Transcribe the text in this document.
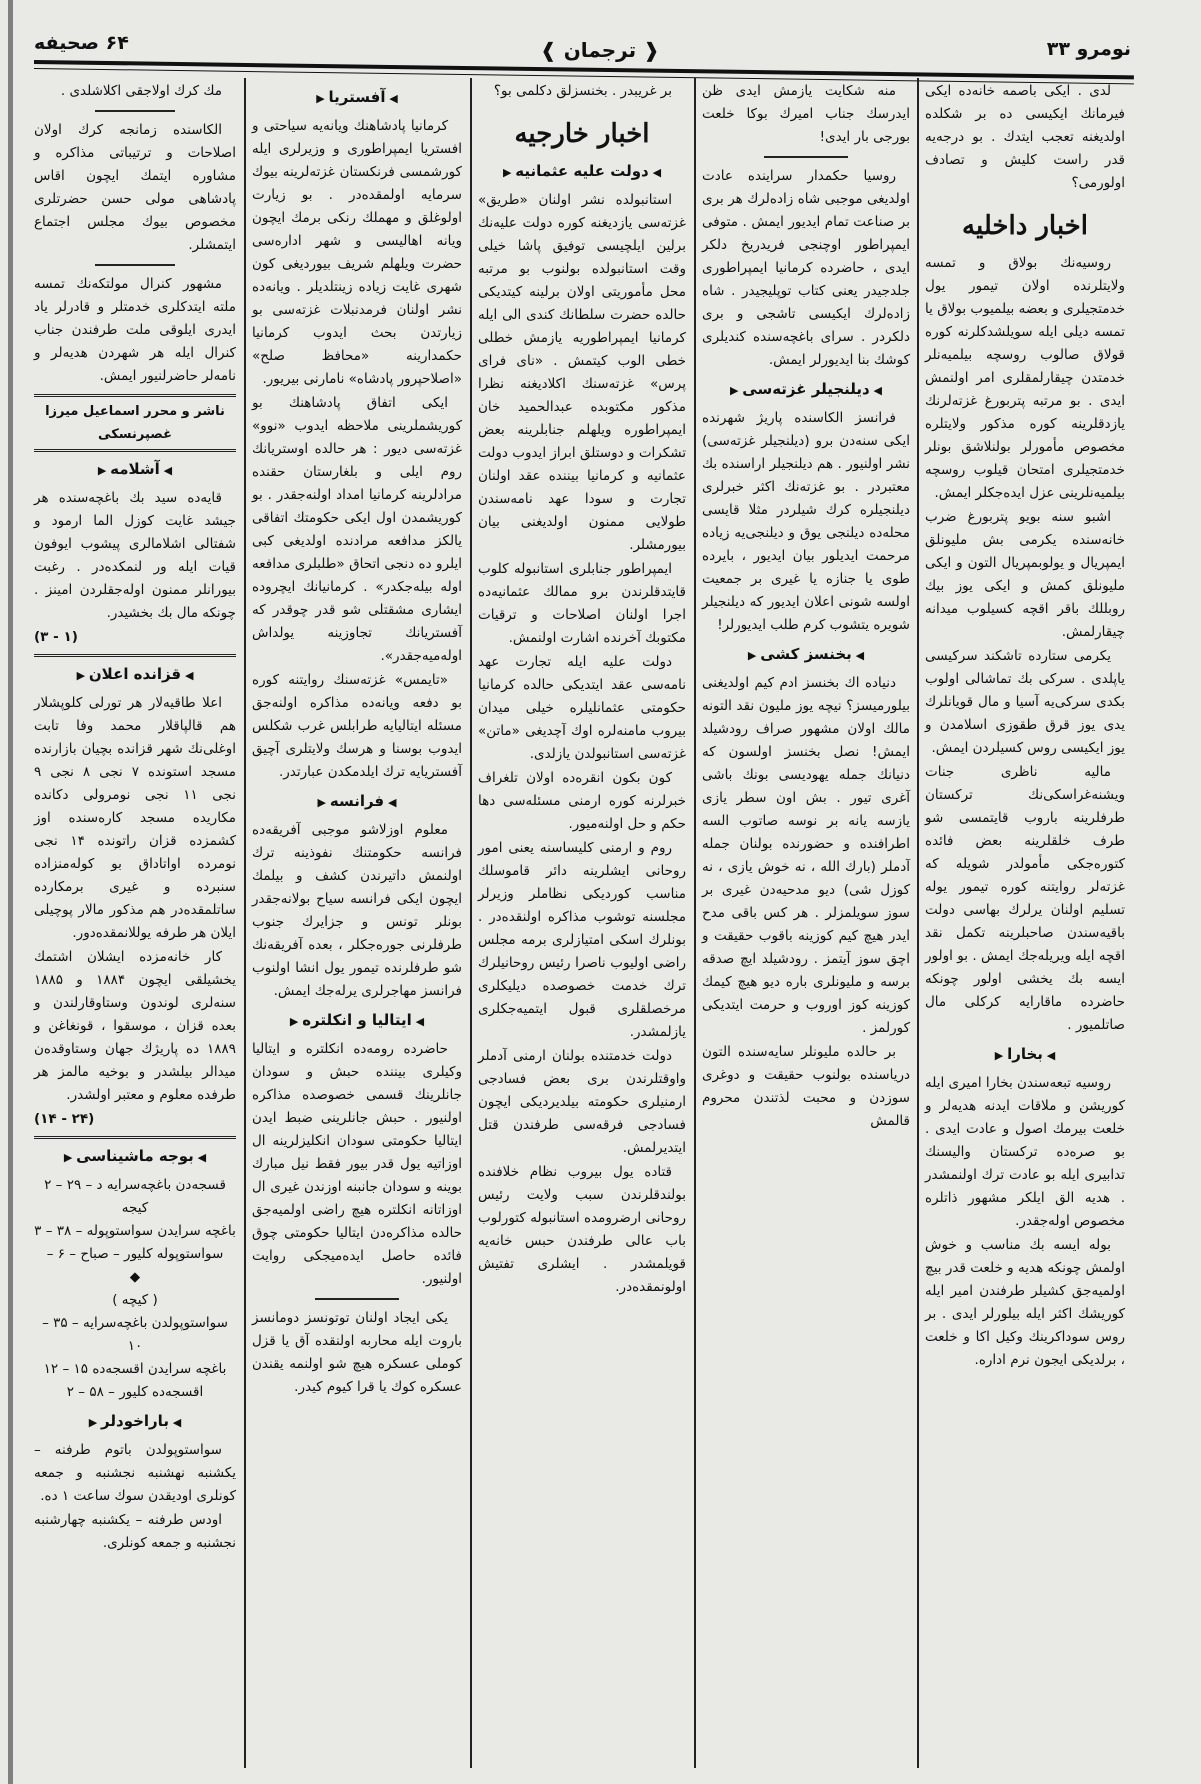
۶۴ صحیفه	❰ ترجمان ❱	نومرو ۳۳

لدی . ایکی باصمه خانه‌ده ایکی فیرمانك ایکیسی ده بر شکلده اولدیغنه تعجب ایتدك . بو درجه‌یه قدر راست کلیش و تصادف اولورمی؟

اخبار داخلیه

روسیه‌نك بولاق و تمسه ولایتلرنده اولان تیمور یول خدمتجیلری و بعضه بیلمیوب بولاق یا تمسه دیلی ایله سویلشدکلرنه کوره قولاق صالوب روسچه بیلمیه‌نلر خدمتدن چیقارلمقلری امر اولنمش ایدی . بو مرتبه پتربورغ غزته‌لرنك یازدقلرینه کوره مذکور ولایتلره مخصوص مأمورلر بولنلاشق بونلر خدمتجیلری امتحان قیلوب روسچه بیلمیه‌نلرینی عزل ایده‌جکلر ایمش.

اشبو سنه بویو پتربورغ ضرب خانه‌سنده یکرمی بش ملیونلق ایمپریال و یولوبمپریال التون و ایکی ملیونلق کمش و ایکی یوز بیك روبللك باقر اقچه کسیلوب میدانه چیقارلمش.

یکرمی ستارده تاشکند سرکیسی یاپلدی . سرکی بك تماشالی اولوب بکدی سرکی‌یه آسیا و مال قویانلرك یدی یوز قرق طقوزی اسلامدن و یوز ایکیسی روس کسیلردن ایمش.

مالیه ناظری جنات ویشنه‌غراسکی‌نك ترکستان طرفلرینه باروب قایتمسی شو طرف خلقلرینه بعض فائده کتوره‌جکی مأمولدر شویله که غزته‌لر روایتنه کوره تیمور یوله تسلیم اولنان یرلرك بهاسی دولت باقیه‌سندن صاحبلرینه تکمل نقد اقچه ایله ویریله‌جك ایمش . بو اولور ایسه بك یخشی اولور چونکه حاضرده ماقارایه کرکلی مال صاتلمیور .

◀ بخارا ▶

روسیه تبعه‌سندن بخارا امیری ایله کوریشن و ملاقات ایدنه هدیه‌لر و خلعت بیرمك اصول و عادت ایدی . بو صره‌ده ترکستان والیسنك تدابیری ایله بو عادت ترك اولنمشدر . هدیه الق ایلکر مشهور ذاتلره مخصوص اوله‌جقدر.

بوله ایسه بك مناسب و خوش اولمش چونکه هدیه و خلعت قدر بیچ اولمیه‌جق کشیلر طرفندن امیر ایله کوریشك اکثر ایله بیلورلر ایدی . بر روس سوداکرینك وکیل اکا و خلعت ، برلدیکی ایجون نرم اداره.

منه شکایت یازمش ایدی ظن ایدرسك جناب امیرك بوکا خلعت بورجی بار ایدی!

روسیا حکمدار سراینده عادت اولدیغی موجبی شاه زاده‌لرك هر بری بر صناعت تمام ایدیور ایمش . متوفی ایمپراطور اوچنجی فریدریخ دلکر ایدی ، حاضرده کرمانیا ایمپراطوری جلدجیدر یعنی کتاب توپلیجیدر . شاه زاده‌لرك ایکیسی تاشجی و بری دلکردر . سرای باغچه‌سنده کندیلری کوشك بنا ایدیورلر ایمش.

◀ دیلنجیلر غزته‌سی ▶

فرانسز الکاسنده پاریژ شهرنده ایکی سنه‌دن برو (دیلنجیلر غزته‌سی) نشر اولنیور . هم دیلنجیلر اراسنده بك معتبردر . بو غزته‌نك اکثر خبرلری دیلنجیلره کرك شیلردر مثلا قایسی محله‌ده دیلنجی یوق و دیلنجی‌یه زیاده مرحمت ایدیلور بیان ایدیور ، بایرده طوی یا جنازه یا غیری بر جمعیت اولسه شونی اعلان ایدیور که دیلنجیلر شویره یتشوب کرم طلب ایدیورلر!

◀ بخنسز کشی ▶

دنیاده اك بخنسز ادم کیم اولدیغنی بیلورمیسز؟ نیچه یوز ملیون نقد التونه مالك اولان مشهور صراف رودشیلد ایمش! نصل بخنسز اولسون که دنیانك جمله یهودیسی بونك باشی آغری تیور . بش اون سطر یازی یازسه یانه بر نوسه صاتوب السه اطرافنده و حضورنده بولنان جمله آدملر (بارك الله ، نه خوش یازی ، نه کوزل شی) دیو مدحیه‌دن غیری بر سوز سویلمزلر . هر کس باقی مدح ایدر هیچ کیم کوزینه باقوب حقیقت و اچق سوز آیتمز . رودشیلد ایچ صدقه برسه و ملیونلری باره دیو هیچ کیمك کوزینه کوز اوروب و حرمت ایتدیکی کورلمز .

بر حالده ملیونلر سایه‌سنده التون دریاسنده بولنوب حقیقت و دوغری سوزدن و محبت لذتندن محروم قالمش

بر غریبدر . بخنسزلق دکلمی بو؟

اخبار خارجیه
◀ دولت علیه عثمانیه ▶

استانبولده نشر اولنان «طریق» غزته‌سی یازدیغنه کوره دولت علیه‌نك برلین ایلچیسی توفیق پاشا خیلی وقت استانبولده بولنوب بو مرتبه محل مأموریتی اولان برلینه کیتدیکی حالده حضرت سلطانك کندی الی ایله کرمانیا ایمپراطوریه یازمش خطلی خطی الوب کیتمش . «نای فرای پرس» غزته‌سنك اکلادیغنه نظرا مذکور مکتوبده عبدالحمید خان ایمپراطوره ویلهلم جنابلرینه بعض تشکرات و دوستلق ابراز ایدوب دولت عثمانیه و کرمانیا بیننده عقد اولنان تجارت و سودا عهد نامه‌سندن طولایی ممنون اولدیغنی بیان بیورمشلر.

ایمپراطور جنابلری استانبوله کلوب قایتدقلرندن برو ممالك عثمانیه‌ده اجرا اولنان اصلاحات و ترقیات مکتوبك آخرنده اشارت اولنمش.

دولت علیه ایله تجارت عهد نامه‌سی عقد ایتدیکی حالده کرمانیا حکومتی عثمانلیلره خیلی میدان بیروب مامنه‌لره اوك آچدیغی «ماتن» غزته‌سی استانبولدن یازلدی.

کون بکون انقره‌ده اولان تلغراف خبرلرنه کوره ارمنی مسئله‌سی دها حکم و حل اولنه‌میور.

روم و ارمنی کلیساسنه یعنی امور روحانی ایشلرینه دائر قاموسلك مناسب کوردیکی نظاملر وزیرلر مجلسنه توشوب مذاکره اولنقده‌در . بونلرك اسکی امتیازلری برمه مجلس راضی اولیوب ناصرا رئیس روحانیلرك ترك خدمت خصوصده دیلیکلری مرخصلقلری قبول ایتمیه‌جکلری یازلمشدر.

دولت خدمتنده بولنان ارمنی آدملر واوقتلرندن بری بعض فسادجی ارمنیلری حکومته بیلدیردیکی ایچون فسادجی فرقه‌سی طرفندن قتل ایتدیرلمش.

قتاده یول بیروب نظام خلافنده بولندقلرندن سبب ولایت رئیس روحانی ارضرومده استانبوله کتورلوب باب عالی طرفندن حبس خانه‌یه قویلمشدر . ایشلری تفتیش اولونمقده‌در.

◀ آفستریا ▶

کرمانیا پادشاهنك ویانه‌یه سیاحتی و افستریا ایمپراطوری و وزیرلری ایله کورشمسی فرنکستان غزته‌لرینه بیوك سرمایه اولمقده‌در . بو زیارت اولوغلق و مهملك رنکی برمك ایچون ویانه اهالیسی و شهر اداره‌سی حضرت ویلهلم شریف بیوردیغی کون شهری غایت زیاده زینتلدیلر . ویانه‌ده نشر اولنان فرمدنبلات غزته‌سی بو زیارتدن بحث ایدوب کرمانیا حکمدارینه «محافظ صلح» «اصلاحپرور پادشاه» نامارنی بیریور.

ایکی اتفاق پادشاهنك بو کوریشملرینی ملاحظه ایدوب «نوو» غزته‌سی دیور : هر حالده اوستریانك روم ایلی و بلغارستان حقنده مرادلرینه کرمانیا امداد اولنه‌جقدر . بو کوریشمدن اول ایکی حکومتك اتفاقی یالکز مدافعه مرادنده اولدیغی کبی ایلرو ده دنجی اتحاق «طلبلری مدافعه اوله بیله‌جکدر» . کرمانیانك ایچروده ایشاری مشقتلی شو قدر چوقدر که آفستریانك تجاوزینه یولداش اوله‌میه‌جقدر».

«تایمس» غزته‌سنك روایتنه کوره بو دفعه ویانه‌ده مذاکره اولنه‌جق مسئله ایتالیایه طرابلس غرب شکلس ایدوب بوسنا و هرسك ولایتلری آچیق آفستریایه ترك ایلدمکدن عبارتدر.

◀ فرانسه ▶

معلوم اوزلاشو موجبی آفریقه‌ده فرانسه حکومتنك نفوذینه ترك اولنمش داتیرندن کشف و بیلمك ایچون ایکی فرانسه سیاح بولانه‌جقدر بونلر تونس و جزایرك جنوب طرفلرنی جوره‌جکلر ، بعده آفریقه‌نك شو طرفلرنده تیمور یول انشا اولنوب فرانسز مهاجرلری یرله‌جك ایمش.

◀ ایتالیا و انکلتره ▶

حاضرده رومه‌ده انکلتره و ایتالیا وکیلری بیننده حبش و سودان جانلرینك قسمی خصوصده مذاکره اولنیور . حبش جانلرینی ضبط ایدن ایتالیا حکومتی سودان انکلیزلرینه ال اوزاتیه یول قدر بیور فقط نیل مبارك بوینه و سودان جانبنه اوزندن غیری ال اوزاتانه انکلتره هیچ راضی اولمیه‌جق حالده مذاکره‌دن ایتالیا حکومتی چوق فائده حاصل ایده‌میجکی روایت اولنیور.

یکی ایجاد اولنان توتونسز دومانسز باروت ایله محاربه اولنقده آق یا قزل کوملی عسکره هیچ شو اولنمه یقندن عسکره کوك یا قرا کیوم کیدر.

مك کرك اولاجقی اکلاشلدی .

الکاسنده زمانجه کرك اولان اصلاحات و ترتیباتی مذاکره و مشاوره ایتمك ایچون اقاس پادشاهی مولی حسن حضرتلری مخصوص بیوك مجلس اجتماع ایتمشلر.

مشهور کنرال مولتکه‌نك تمسه ملته ایتدکلری خدمتلر و قادرلر یاد ایدری ایلوقی ملت طرفندن جناب کنرال ایله هر شهردن هدیه‌لر و نامه‌لر حاضرلنیور ایمش.

ناشر و محرر اسماعیل میرزا غصپرنسکی
◀ آشلامه ▶

قایه‌ده سید بك باغچه‌سنده هر جیشد غایت کوزل الما ارمود و شفتالی اشلامالری پیشوب ایوفون قیات ایله ور لنمکده‌در . رغبت بیورانلر ممنون اوله‌جقلردن امینز . چونکه مال بك بخشیدر.

(۱ - ۳)
◀ قزانده اعلان ▶

اعلا طاقیه‌لار هر تورلی کلوپشلار هم قالپاقلار محمد وفا تابت اوغلی‌نك شهر قزانده بچیان بازارنده مسجد استونده ۷ نجی ۸ نجی ۹ نجی ۱۱ نجی نومرولی دکانده مکاریده مسجد کاره‌سنده اوز کشمزده قزان راتونده ۱۴ نجی نومرده اواتاداق بو کوله‌منزاده سنبرده و غیری برمکارده ساتلمقده‌در هم مذکور مالار پوچیلی ایلان هر طرفه یوللانمقده‌دور.

کار خانه‌مزده ایشلان اشتمك یخشیلقی ایچون ۱۸۸۴ و ۱۸۸۵ سنه‌لری لوندون وستاوقارلندن و بعده قزان ، موسقوا ، قونغاغن و ۱۸۸۹ ده پاریژك جهان وستاوقده‌ن میدالر بیلشدر و بوخیه مالمز هر طرفده معلوم و معتبر اولشدر.

(۲۴ - ۱۴)
◀ بوجه ماشیناسی ▶
قسجه‌دن باغچه‌سرایه د – ۲۹ – ۲ کیجه
باغچه سرایدن سواستوپوله – ۳۸ – ۳
سواستوپوله کلیور – صباح – ۶ –
◆
( کیچه )
سواستوپولدن باغچه‌سرایه – ۳۵ – ۱۰
باغچه سرایدن اقسجه‌ده ۱۵ – ۱۲
اقسجه‌ده کلیور – ۵۸ – ۲
◀ باراخودلر ▶

سواستوپولدن باتوم طرفنه – یکشنبه نهشنبه نجشنبه و جمعه کونلری اودیقدن سوك ساعت ۱ ده.

اودس طرفنه – یکشنبه چهارشنبه نجشنبه و جمعه کونلری.
